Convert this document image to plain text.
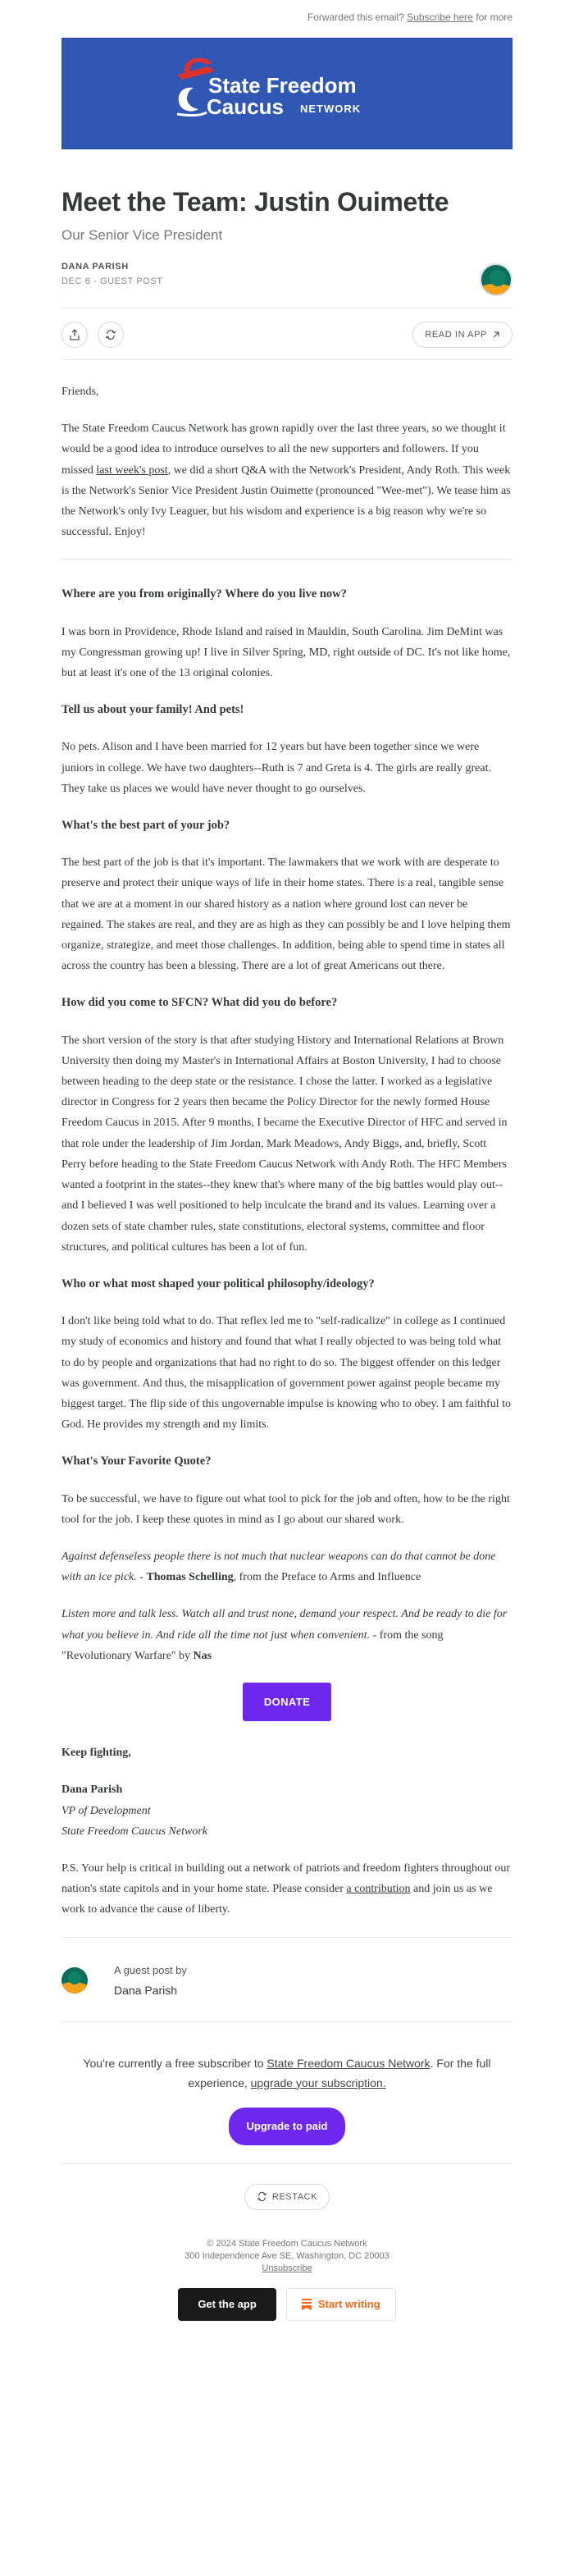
Forwarded this email? Subscribe here for more
State Freedom
Caucus NETWORK
Meet the Team: Justin Ouimette
Our Senior Vice President
DANA PARISH
DEC 6 - GUEST POST
READ IN APP

Friends,

The State Freedom Caucus Network has grown rapidly over the last three years, so we thought it would be a good idea to introduce ourselves to all the new supporters and followers. If you missed last week's post, we did a short Q&A with the Network's President, Andy Roth. This week is the Network's Senior Vice President Justin Ouimette (pronounced "Wee-met"). We tease him as the Network's only Ivy Leaguer, but his wisdom and experience is a big reason why we're so successful. Enjoy!

Where are you from originally? Where do you live now?

I was born in Providence, Rhode Island and raised in Mauldin, South Carolina. Jim DeMint was my Congressman growing up! I live in Silver Spring, MD, right outside of DC. It's not like home, but at least it's one of the 13 original colonies.

Tell us about your family! And pets!

No pets. Alison and I have been married for 12 years but have been together since we were juniors in college. We have two daughters--Ruth is 7 and Greta is 4. The girls are really great. They take us places we would have never thought to go ourselves.

What's the best part of your job?

The best part of the job is that it's important. The lawmakers that we work with are desperate to preserve and protect their unique ways of life in their home states. There is a real, tangible sense that we are at a moment in our shared history as a nation where ground lost can never be regained. The stakes are real, and they are as high as they can possibly be and I love helping them organize, strategize, and meet those challenges. In addition, being able to spend time in states all across the country has been a blessing. There are a lot of great Americans out there.

How did you come to SFCN? What did you do before?

The short version of the story is that after studying History and International Relations at Brown University then doing my Master's in International Affairs at Boston University, I had to choose between heading to the deep state or the resistance. I chose the latter. I worked as a legislative director in Congress for 2 years then became the Policy Director for the newly formed House Freedom Caucus in 2015. After 9 months, I became the Executive Director of HFC and served in that role under the leadership of Jim Jordan, Mark Meadows, Andy Biggs, and, briefly, Scott Perry before heading to the State Freedom Caucus Network with Andy Roth. The HFC Members wanted a footprint in the states--they knew that's where many of the big battles would play out--and I believed I was well positioned to help inculcate the brand and its values. Learning over a dozen sets of state chamber rules, state constitutions, electoral systems, committee and floor structures, and political cultures has been a lot of fun.

Who or what most shaped your political philosophy/ideology?

I don't like being told what to do. That reflex led me to "self-radicalize" in college as I continued my study of economics and history and found that what I really objected to was being told what to do by people and organizations that had no right to do so. The biggest offender on this ledger was government. And thus, the misapplication of government power against people became my biggest target. The flip side of this ungovernable impulse is knowing who to obey. I am faithful to God. He provides my strength and my limits.

What's Your Favorite Quote?

To be successful, we have to figure out what tool to pick for the job and often, how to be the right tool for the job. I keep these quotes in mind as I go about our shared work.

Against defenseless people there is not much that nuclear weapons can do that cannot be done with an ice pick. - Thomas Schelling, from the Preface to Arms and Influence

Listen more and talk less. Watch all and trust none, demand your respect. And be ready to die for what you believe in. And ride all the time not just when convenient. - from the song "Revolutionary Warfare" by Nas

DONATE

Keep fighting,

Dana Parish
VP of Development
State Freedom Caucus Network

P.S. Your help is critical in building out a network of patriots and freedom fighters throughout our nation's state capitols and in your home state. Please consider a contribution and join us as we work to advance the cause of liberty.

A guest post by
Dana Parish
You're currently a free subscriber to State Freedom Caucus Network. For the full experience, upgrade your subscription.
Upgrade to paid
RESTACK
© 2024 State Freedom Caucus Network
300 Independence Ave SE, Washington, DC 20003
Unsubscribe
Get the app	Start writing
